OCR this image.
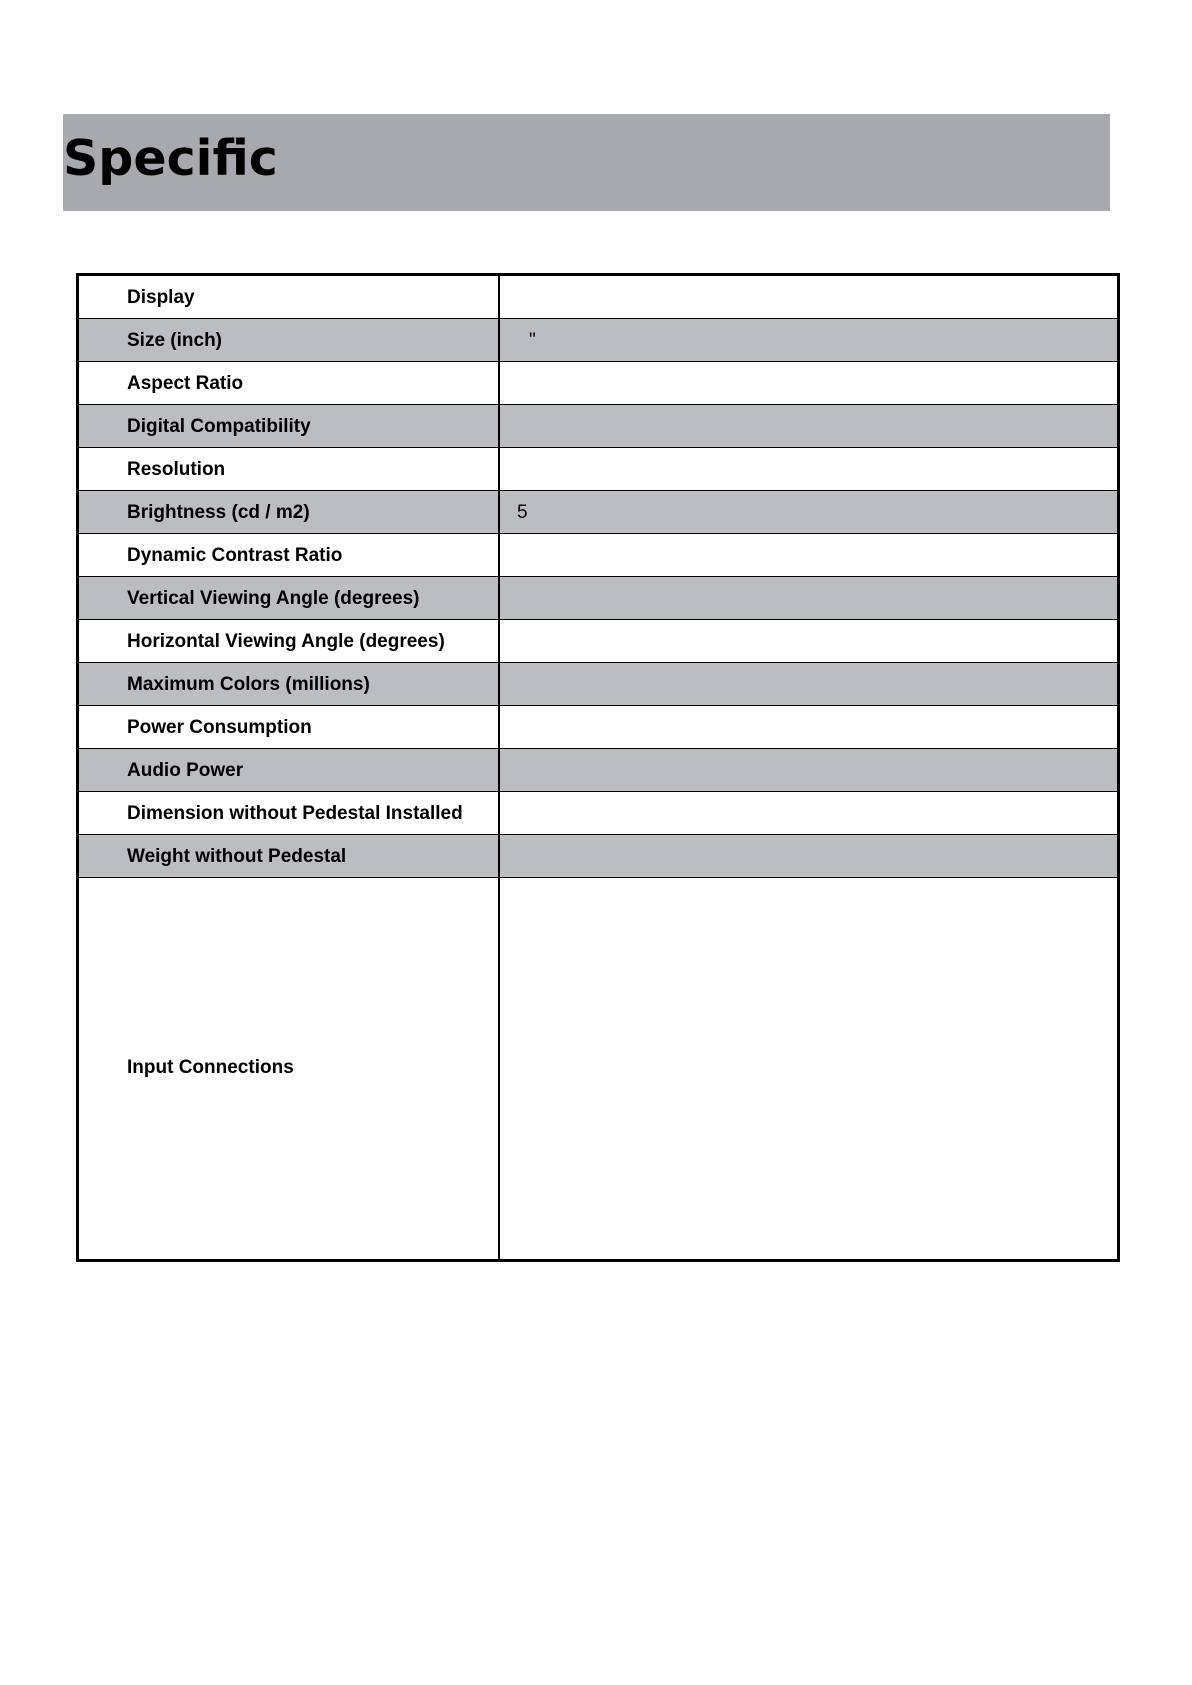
Specific
Display
Size (inch)	"
Aspect Ratio
Digital Compatibility
Resolution
Brightness (cd / m2)	5
Dynamic Contrast Ratio
Vertical Viewing Angle (degrees)
Horizontal Viewing Angle (degrees)
Maximum Colors (millions)
Power Consumption
Audio Power
Dimension without Pedestal Installed
Weight without Pedestal
Input Connections
